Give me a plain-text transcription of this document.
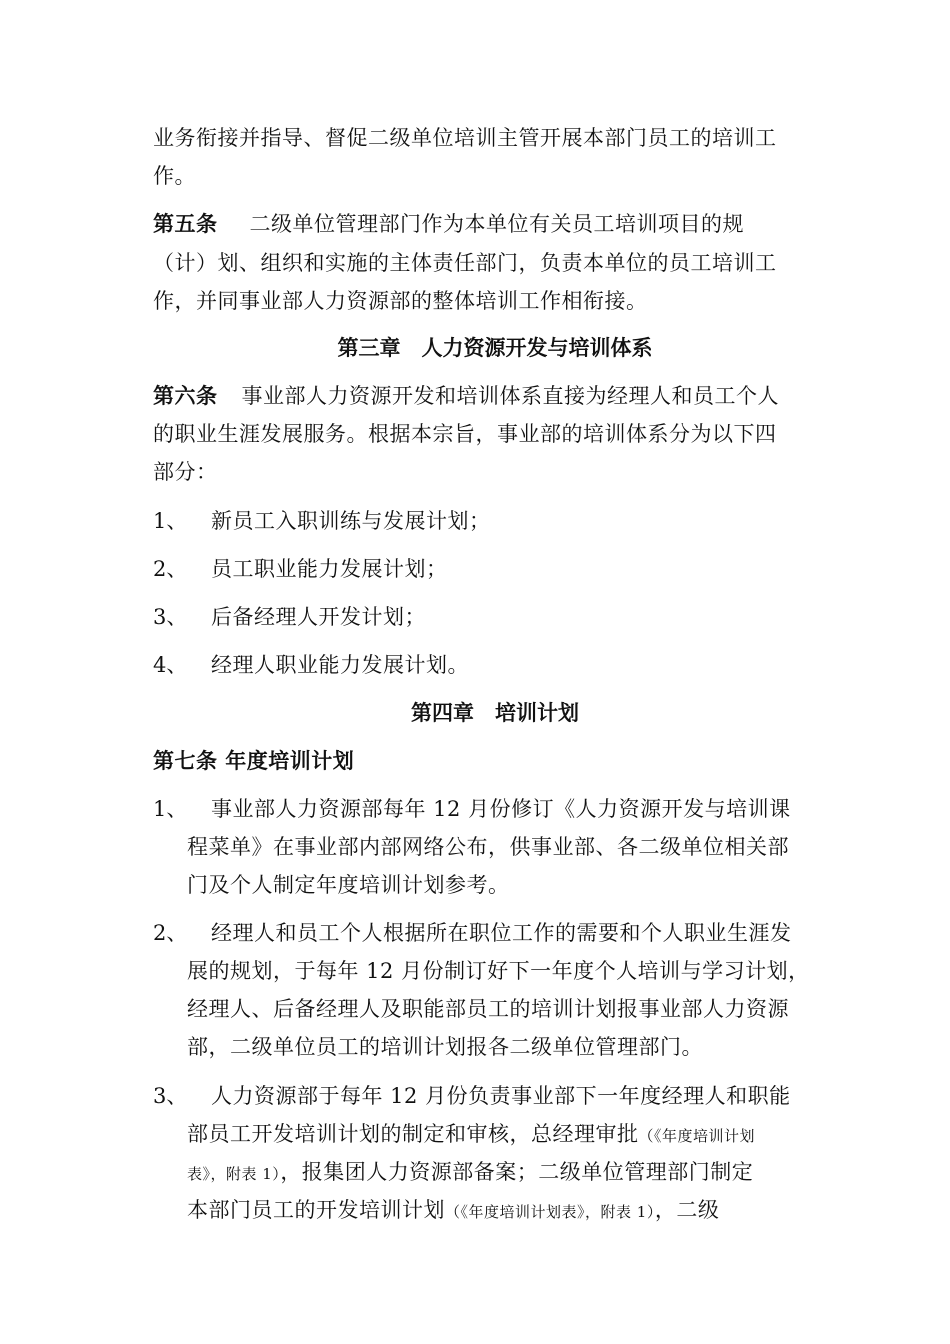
业务衔接并指导、督促二级单位培训主管开展本部门员工的培训工
作。
第五条 二级单位管理部门作为本单位有关员工培训项目的规
（计）划、组织和实施的主体责任部门，负责本单位的员工培训工
作，并同事业部人力资源部的整体培训工作相衔接。
第三章　人力资源开发与培训体系
第六条 事业部人力资源开发和培训体系直接为经理人和员工个人
的职业生涯发展服务。根据本宗旨，事业部的培训体系分为以下四
部分：
1、 新员工入职训练与发展计划；
2、 员工职业能力发展计划；
3、 后备经理人开发计划；
4、 经理人职业能力发展计划。
第四章　培训计划
第七条 年度培训计划
1、 事业部人力资源部每年 12 月份修订《人力资源开发与培训课
程菜单》在事业部内部网络公布，供事业部、各二级单位相关部
门及个人制定年度培训计划参考。
2、 经理人和员工个人根据所在职位工作的需要和个人职业生涯发
展的规划，于每年 12 月份制订好下一年度个人培训与学习计划，
经理人、后备经理人及职能部员工的培训计划报事业部人力资源
部，二级单位员工的培训计划报各二级单位管理部门。
3、 人力资源部于每年 12 月份负责事业部下一年度经理人和职能
部员工开发培训计划的制定和审核，总经理审批（《年度培训计划
表》，附表 1），报集团人力资源部备案；二级单位管理部门制定
本部门员工的开发培训计划（《年度培训计划表》，附表 1），二级
